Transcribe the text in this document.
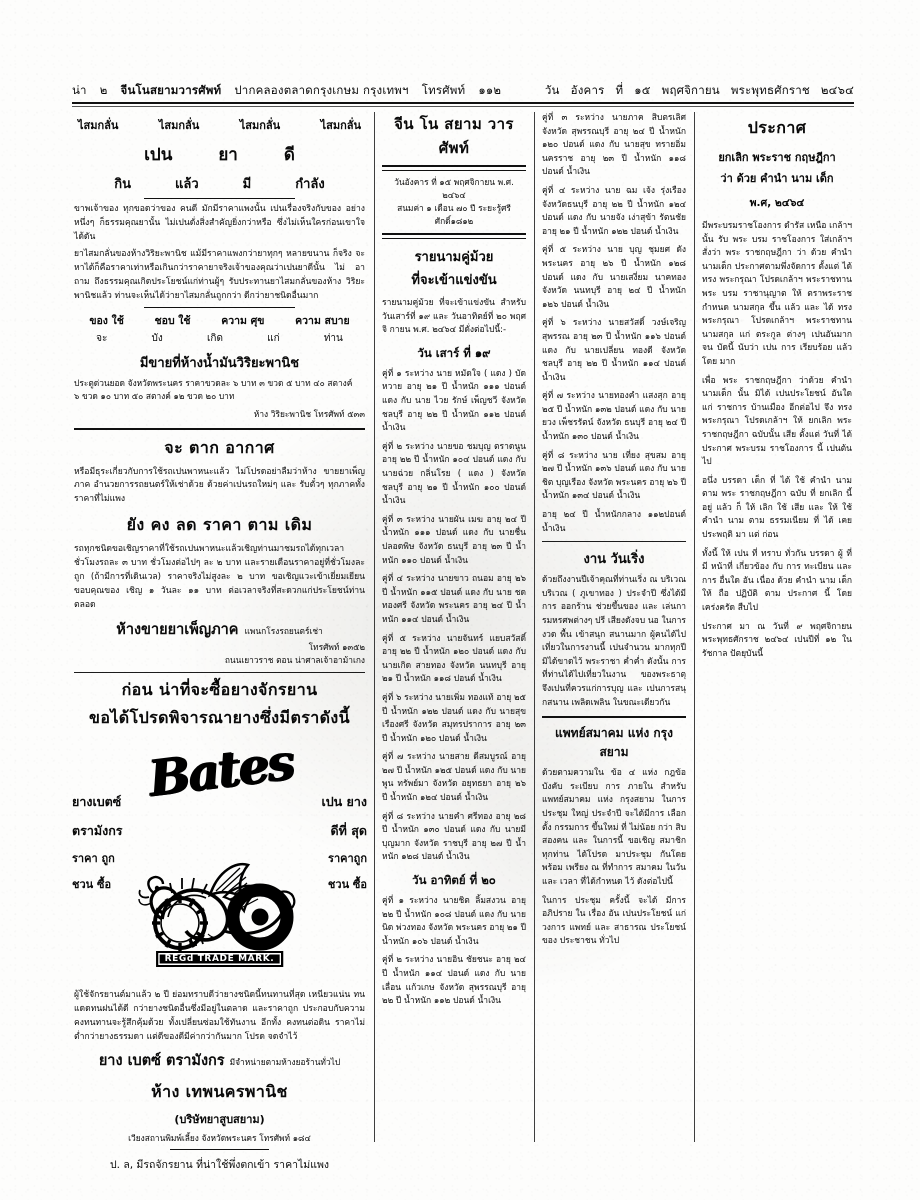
น่า ๒ จีนโนสยามวารศัพท์ ปากคลองตลาดกรุงเกษม กรุงเทพฯ โทรศัพท์ ๑๑๒	วัน อังคาร ที่ ๑๕ พฤศจิกายน พระพุทธศักราช ๒๔๖๔
ไสมกลั่น	ไสมกลั่น	ไสมกลั่น	ไสมกลั่น
เปน	ยา	ดี
กิน	แล้ว	มี	กำลัง

ขาพเจ้าของ ทุกขอดว่าของ คนดี มักมีราคาแพงนั้น เปนเรื่องจริงกับของ อย่างหนึ่งๆ ก็ธรรมคุณยานั้น ไม่เปนดั่งสิ่งสำคัญยิ่งกว่าหรือ ซึ่งไม่เห็นใครก่อนเขาใจได้ดัน

ยาไสมกลั่นของห้างวิริยะพานิช แม้มีราคาแพงกว่ายาทุกๆ หลายขนาน ก็จริง จะหาได้ก็คือราคาเท่าหรือเกินกว่าราคายาจริงเจ้าของคุณว่าเปนยาดีนั้น ไม่ อาถาม ถึงธรรมคุณเกิดประโยชน์แก่ท่านผู้ๆ รับประทานยาไสมกลั่นของห้าง วิริยะพานิชแล้ว ท่านจะเห็นได้ว่ายาไสมกลั่นถูกกว่า ดีกว่ายาชนิดอื่นมาก

ของ ใช้	ชอบ ใช้	ความ ศุข	ความ สบาย
จะ	บัง	เกิด	แก่	ท่าน
มีขายที่ห้างน้ำมันวิริยะพานิช
ประตูด่วนยอด จังหวัดพระนคร ราคาขวดละ ๖ บาท ๓ ขวด ๕ บาท ๔๐ สตางค์
๖ ขวด ๑๐ บาท ๕๐ สตางค์ ๑๒ ขวด ๒๐ บาท
ห้าง วิริยะพานิช โทรศัพท์ ๕๓๓
จะ ตาก อากาศ

หรือมีธุระเกี่ยวกับการใช้รถเปนพาหนะแล้ว ไม่โปรดอย่าลืมว่าห้าง ขายยาเพ็ญภาค อำนวยการรถยนตร์ให้เช่าด้วย ด้วยค่าเปนรถใหม่ๆ และ รับตั๋วๆ ทุกภาคทั้งราคาที่ไม่แพง

ยัง คง ลด ราคา ตาม เดิม

รถทุกชนิดขอเชิญราคาที่ใช้รถเปนพาหนะแล้วเชิญท่านมาชมรถได้ทุกเวลา ชั่วโมงรถละ ๓ บาท ชั่วโมงต่อไปๆ ละ ๒ บาท และรายเดือนราคาอยู่ที่ชั่วโมงละถูก (ถ้ามีการที่เดินเวล) ราคาจริงไม่สูงละ ๒ บาท ขอเชิญแวะเข้าเยี่ยมเยียน ขอบคุณของ เชิญ ๑ วันละ ๑๑ บาท ต่อเวลาจริงที่สะดวกแก่ประโยชน์ท่าน ตลอด

ห้างขายยาเพ็ญภาค แพนกโรงรถยนตร์เช่า
โทรศัพท์ ๑๓๕๒
ถนนเยาวราช ตอน น่าศาลเจ้าอาม้าเกง
ก่อน น่าที่จะซื้อยางจักรยาน
ขอได้โปรดพิจารณายางซึ่งมีตราดังนี้
Bates
ยางเบตซ์
ตรามังกร
ราคา ถูก
ชวน ซื้อ
เปน ยาง
ดีที่ สุด
ราคาถูก
ชวน ซื้อ
REGd TRADE MARK.

ผู้ใช้จักรยานต์มาแล้ว ๒ ปี ย่อมทราบดีว่ายางชนิดนี้ทนทานที่สุด เหนียวแน่น ทนแดดทนฝนได้ดี กว่ายางชนิดอื่นซึ่งมีอยู่ในตลาด และราคาถูก ประกอบกับความคงทนทานจะรู้สึกคุ้มด้วย ทั้งเปลี่ยนซ่อมใช้ทันงาน อีกทั้ง คงทนต่อดิน ราคาไม่ต่ำกว่ายางธรรมดา แต่ดีของดีมีค่ากว่ากันมาก โปรด จดจำไว้

ยาง เบตซ์ ตรามังกร มีจำหน่ายตามห้างยอร้านทั่วไป
ห้าง เทพนครพานิช
(บริษัทยาสูบสยาม)
เวียงสถานพิมพ์เลี้ยง จังหวัดพระนคร โทรศัพท์ ๑๘๔
ป. ล, มีรถจักรยาน ที่น่าใช้พึ่งตกเข้า ราคาไม่แพง
จีน โน สยาม วาร ศัพท์
วันอังคาร ที่ ๑๕ พฤศจิกายน พ.ศ. ๒๔๖๔
สนมค่า ๑ เดือน ๗๐ ปี ระยะรู้ศรีศักดิ์๑๘๑๒
รายนามคู่ม้วย
ที่จะเข้าแข่งขัน

รายนามคู่ม้วย ที่จะเข้าแข่งขัน สำหรับ วันเสาร์ที่ ๑๙ และ วันอาทิตย์ที่ ๒๐ พฤศจิ กายน พ.ศ. ๒๔๖๔ มีดั่งต่อไปนี้:-

วัน เสาร์ ที่ ๑๙

คู่ที่ ๑ ระหว่าง นาย หมัดใจ ( แดง ) บัดหวาย อายุ ๒๑ ปี น้ำหนัก ๑๑๑ ปอนด์ แดง กับ นาย ไวย รักษ์ เพ็ญชวี จังหวัด ชลบุรี อายุ ๒๒ ปี น้ำหนัก ๑๑๒ ปอนด์ น้ำเงิน

คู่ที่ ๒ ระหว่าง นายขอ ชมบุญ ตราดนูน อายุ ๒๒ ปี น้ำหนัก ๑๐๔ ปอนด์ แดง กับ นายฉ่วย กลิ่นโรย ( แดง ) จังหวัด ชลบุรี อายุ ๒๑ ปี น้ำหนัก ๑๐๐ ปอนด์ น้ำเงิน

คู่ที่ ๓ ระหว่าง นายผัน เมฆ อายุ ๒๔ ปี น้ำหนัก ๑๑๑ ปอนด์ แดง กับ นายชื่น ปลอดพิษ จังหวัด ธนบุรี อายุ ๒๓ ปี น้ำหนัก ๑๑๐ ปอนด์ น้ำเงิน

คู่ที่ ๔ ระหว่าง นายขาว ถนอม อายุ ๒๖ ปี น้ำหนัก ๑๑๕ ปอนด์ แดง กับ นาย ชด ทองศรี จังหวัด พระนคร อายุ ๒๔ ปี น้ำหนัก ๑๑๔ ปอนด์ น้ำเงิน

คู่ที่ ๕ ระหว่าง นายจันทร์ แยบสวัสดิ์ อายุ ๒๒ ปี น้ำหนัก ๑๒๐ ปอนด์ แดง กับ นายเกิด สายทอง จังหวัด นนทบุรี อายุ ๒๑ ปี น้ำหนัก ๑๑๘ ปอนด์ น้ำเงิน

คู่ที่ ๖ ระหว่าง นายเพิ่ม ทองแท้ อายุ ๒๕ ปี น้ำหนัก ๑๒๒ ปอนด์ แดง กับ นายสุข เรืองศรี จังหวัด สมุทรปราการ อายุ ๒๓ ปี น้ำหนัก ๑๒๐ ปอนด์ น้ำเงิน

คู่ที่ ๗ ระหว่าง นายสาย ดีสมบูรณ์ อายุ ๒๗ ปี น้ำหนัก ๑๒๕ ปอนด์ แดง กับ นายพูน ทรัพย์มา จังหวัด อยุทธยา อายุ ๒๖ ปี น้ำหนัก ๑๒๔ ปอนด์ น้ำเงิน

คู่ที่ ๘ ระหว่าง นายคำ ศรีทอง อายุ ๒๘ ปี น้ำหนัก ๑๓๐ ปอนด์ แดง กับ นายมี บุญมาก จังหวัด ราชบุรี อายุ ๒๗ ปี น้ำหนัก ๑๒๘ ปอนด์ น้ำเงิน

วัน อาทิตย์ ที่ ๒๐

คู่ที่ ๑ ระหว่าง นายชิต ลิ้มสงวน อายุ ๒๒ ปี น้ำหนัก ๑๐๘ ปอนด์ แดง กับ นายนิด พ่วงทอง จังหวัด พระนคร อายุ ๒๑ ปี น้ำหนัก ๑๐๖ ปอนด์ น้ำเงิน

คู่ที่ ๒ ระหว่าง นายอิน ชัยชนะ อายุ ๒๔ ปี น้ำหนัก ๑๑๔ ปอนด์ แดง กับ นายเลื่อน แก้วเกษ จังหวัด สุพรรณบุรี อายุ ๒๒ ปี น้ำหนัก ๑๑๒ ปอนด์ น้ำเงิน

คู่ที่ ๓ ระหว่าง นายภาค สิบตรเลิศ จังหวัด สุพรรณบุรี อายุ ๒๔ ปี น้ำหนัก ๑๒๐ ปอนด์ แดง กับ นายสุข ทรายอิ่ม นครราช อายุ ๒๓ ปี น้ำหนัก ๑๑๘ ปอนด์ น้ำเงิน

คู่ที่ ๔ ระหว่าง นาย ฉม เจ้ง รุ่งเรือง จังหวัดธนบุรี อายุ ๒๒ ปี น้ำหนัก ๑๒๔ ปอนด์ แดง กับ นายจัง เง่าสุข้า รัตนชัย อายุ ๒๑ ปี น้ำหนัก ๑๒๒ ปอนด์ น้ำเงิน

คู่ที่ ๕ ระหว่าง นาย บุญ ชุมยศ ดัง พระนคร อายุ ๒๖ ปี น้ำหนัก ๑๒๘ ปอนด์ แดง กับ นายเสงี่ยม นาคทอง จังหวัด นนทบุรี อายุ ๒๔ ปี น้ำหนัก ๑๒๖ ปอนด์ น้ำเงิน

คู่ที่ ๖ ระหว่าง นายสวัสดิ์ วงษ์เจริญ สุพรรณ อายุ ๒๓ ปี น้ำหนัก ๑๑๖ ปอนด์ แดง กับ นายเปลี่ยน ทองดี จังหวัด ชลบุรี อายุ ๒๒ ปี น้ำหนัก ๑๑๔ ปอนด์ น้ำเงิน

คู่ที่ ๗ ระหว่าง นายทองคำ แสงสุก อายุ ๒๕ ปี น้ำหนัก ๑๓๒ ปอนด์ แดง กับ นายยวง เพ็ชรรัตน์ จังหวัด ธนบุรี อายุ ๒๔ ปี น้ำหนัก ๑๓๐ ปอนด์ น้ำเงิน

คู่ที่ ๘ ระหว่าง นาย เที่ยง สุขสม อายุ ๒๗ ปี น้ำหนัก ๑๓๖ ปอนด์ แดง กับ นายชิต บุญเรือง จังหวัด พระนคร อายุ ๒๖ ปี น้ำหนัก ๑๓๔ ปอนด์ น้ำเงิน

อายุ ๒๔ ปี น้ำหนักกลาง ๑๑๒ปอนด์ น้ำเงิน

งาน วันเริ่ง

ด้วยถึงงานปีเจ้าคุณที่ท่านเริ่ง ณ บริเวณ บริเวณ ( ภูเขาทอง ) ประจำปี ซึ่งได้มีการ ออกร้าน ช่วยขึ้นของ และ เล่นการมหรศพต่างๆ ปรี เสียงดังจบ นอ ในการงวด พื้น เข้าสนุก สนานมาก ผู้คนได้ไปเที่ยวในการงานนี้ เปนจำนวน มากทุกปี มิได้ขาดไว้ พระราชา ค่ำค่ำ ดังนั้น การที่ท่านได้ไปเที่ยวในงาน ของพระธาตุ จึงเปนที่ควรแก่การบุญ และ เปนการสนุกสนาน เพลิดเพลิน ในขณะเดียวกัน

แพทย์สมาคม แห่ง กรุง สยาม

ด้วยตามความใน ข้อ ๔ แห่ง กฎข้อบังคับ ระเบียบ การ ภายใน สำหรับ แพทย์สมาคม แห่ง กรุงสยาม ในการ ประชุม ใหญ่ ประจำปี จะได้มีการ เลือกตั้ง กรรมการ ขึ้นใหม่ ที่ ไม่น้อย กว่า สิบสองคน และ ในการนี้ ขอเชิญ สมาชิก ทุกท่าน ได้โปรด มาประชุม กันโดย พร้อม เพรียง ณ ที่ทำการ สมาคม ในวัน และ เวลา ที่ได้กำหนด ไว้ ดังต่อไปนี้

ในการ ประชุม ครั้งนี้ จะได้ มีการ อภิปราย ใน เรื่อง อัน เปนประโยชน์ แก่ วงการ แพทย์ และ สาธารณ ประโยชน์ ของ ประชาชน ทั่วไป

ประกาศ
ยกเลิก พระราช กฤษฎีกา
ว่า ด้วย คำนำ นาม เด็ก
พ.ศ, ๒๔๖๔

มีพระบรมราชโองการ ดำรัส เหนือ เกล้าฯ นั้น รับ พระ บรม ราชโองการ ใส่เกล้าฯ สั่งว่า พระ ราชกฤษฎีกา ว่า ด้วย คำนำ นามเด็ก ประกาศตามพึ่งจัดการ ตั้งแต่ ได้ ทรง พระกรุณา โปรดเกล้าฯ พระราชทาน พระ บรม ราชานุญาต ให้ ตราพระราชกำหนด นามสกุล ขึ้น แล้ว และ ได้ ทรง พระกรุณา โปรดเกล้าฯ พระราชทาน นามสกุล แก่ ตระกูล ต่างๆ เปนอันมาก จน บัดนี้ นับว่า เปน การ เรียบร้อย แล้ว โดย มาก

เพื่อ พระ ราชกฤษฎีกา ว่าด้วย คำนำ นามเด็ก นั้น มิได้ เปนประโยชน์ อันใด แก่ ราชการ บ้านเมือง อีกต่อไป จึง ทรง พระกรุณา โปรดเกล้าฯ ให้ ยกเลิก พระราชกฤษฎีกา ฉบับนั้น เสีย ตั้งแต่ วันที่ ได้ ประกาศ พระบรม ราชโองการ นี้ เปนต้นไป

อนึ่ง บรรดา เด็ก ที่ ได้ ใช้ คำนำ นาม ตาม พระ ราชกฤษฎีกา ฉบับ ที่ ยกเลิก นี้ อยู่ แล้ว ก็ ให้ เลิก ใช้ เสีย และ ให้ ใช้ คำนำ นาม ตาม ธรรมเนียม ที่ ได้ เคย ประพฤติ มา แต่ ก่อน

ทั้งนี้ ให้ เปน ที่ ทราบ ทั่วกัน บรรดา ผู้ ที่ มี หน้าที่ เกี่ยวข้อง กับ การ ทะเบียน และ การ อื่นใด อัน เนื่อง ด้วย คำนำ นาม เด็ก ให้ ถือ ปฏิบัติ ตาม ประกาศ นี้ โดย เคร่งครัด สืบไป

ประกาศ มา ณ วันที่ ๙ พฤศจิกายน พระพุทธศักราช ๒๔๖๔ เปนปีที่ ๑๒ ในรัชกาล ปัตยุบันนี้
